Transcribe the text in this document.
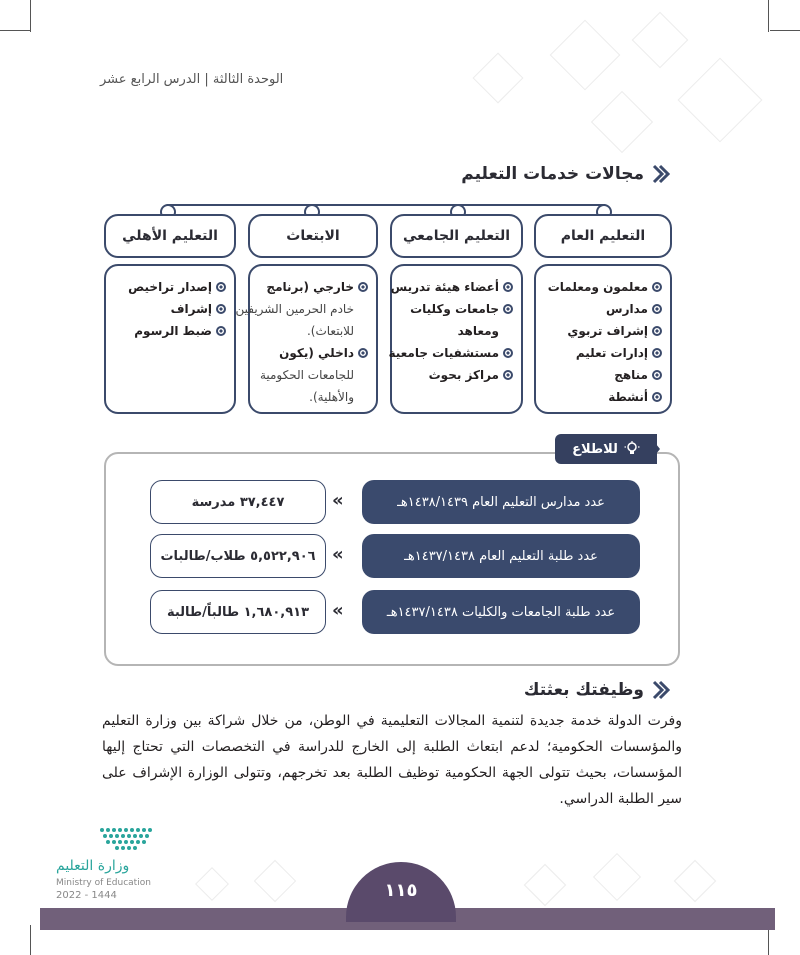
الوحدة الثالثة | الدرس الرابع عشر
مجالات خدمات التعليم
التعليم العام
التعليم الجامعي
الابتعاث
التعليم الأهلي
معلمون ومعلمات
مدارس
إشراف تربوي
إدارات تعليم
مناهج
أنشطة
أعضاء هيئة تدريس
جامعات وكليات
ومعاهد
مستشفيات جامعية
مراكز بحوث
خارجي (برنامج
خادم الحرمين الشريفين
للابتعاث).
داخلي (يكون
للجامعات الحكومية
والأهلية).
إصدار تراخيص
إشراف
ضبط الرسوم
للاطلاع
عدد مدارس التعليم العام ١٤٣٨/١٤٣٩هـ
«
٣٧,٤٤٧ مدرسة
عدد طلبة التعليم العام ١٤٣٧/١٤٣٨هـ
«
٥,٥٢٢,٩٠٦ طلاب/طالبات
عدد طلبة الجامعات والكليات ١٤٣٧/١٤٣٨هـ
«
١,٦٨٠,٩١٣ طالباً/طالبة
وظيفتك بعثتك

وفرت الدولة خدمة جديدة لتنمية المجالات التعليمية في الوطن، من خلال شراكة بين وزارة التعليم والمؤسسات الحكومية؛ لدعم ابتعاث الطلبة إلى الخارج للدراسة في التخصصات التي تحتاج إليها المؤسسات، بحيث تتولى الجهة الحكومية توظيف الطلبة بعد تخرجهم، وتتولى الوزارة الإشراف على سير الطلبة الدراسي.

وزارة التعليم
Ministry of Education
2022 - 1444	١١٥
